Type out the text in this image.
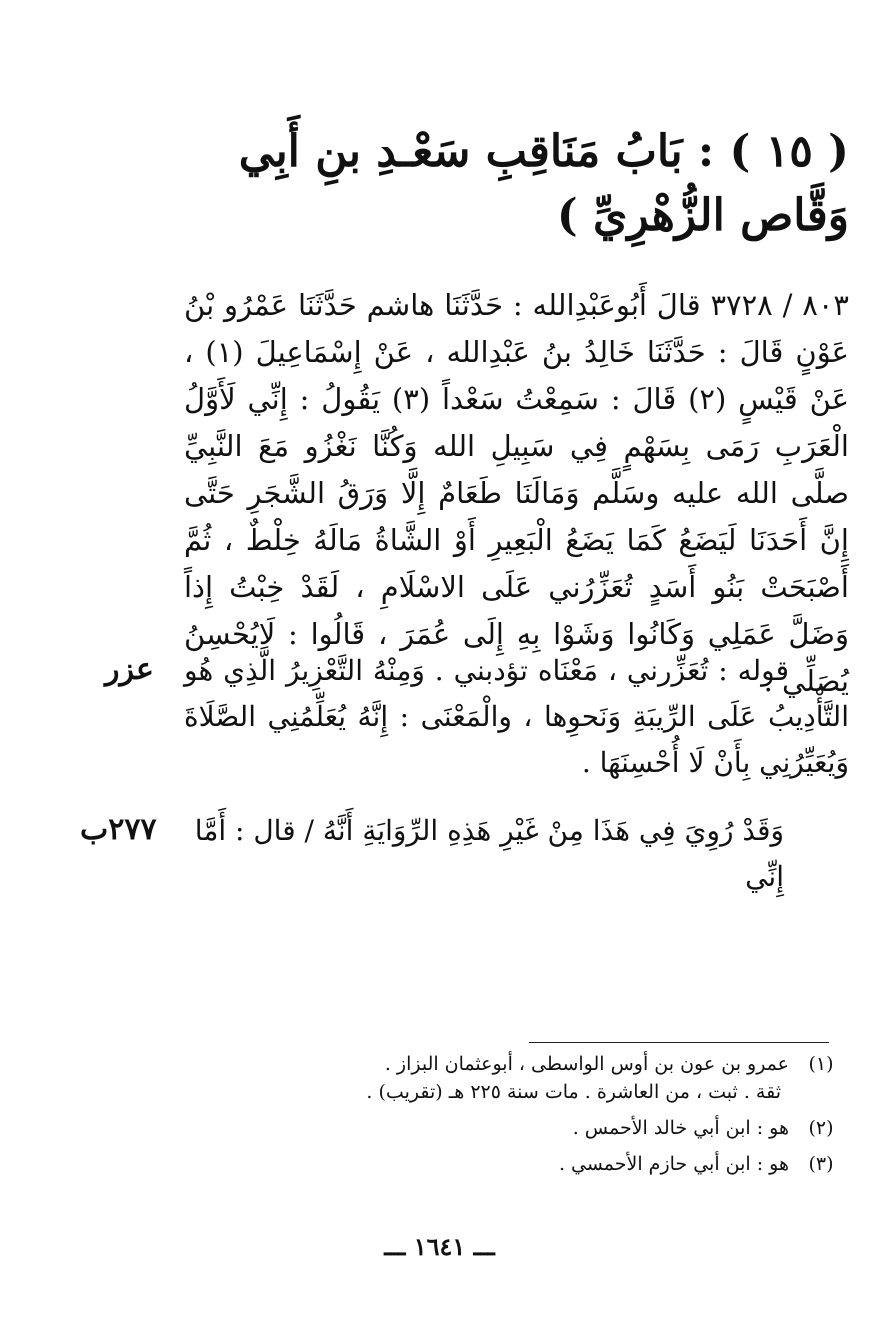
( ١٥ ) : بَابُ مَنَاقِبِ سَعْـدِ بنِ أَبِي وَقَّاص الزُّهْرِيِّ )
٨٠٣ / ٣٧٢٨ قالَ أَبُوعَبْدِالله : حَدَّثَنَا هاشم حَدَّثَنَا عَمْرُو بْنُ عَوْنٍ قَالَ : حَدَّثَنَا خَالِدُ بنُ عَبْدِالله ، عَنْ إِسْمَاعِيلَ (١) ، عَنْ قَيْسٍ (٢) قَالَ : سَمِعْتُ سَعْداً (٣) يَقُولُ : إِنِّي لَأَوَّلُ الْعَرَبِ رَمَى بِسَهْمٍ فِي سَبِيلِ الله وَكُنَّا نَغْزُو مَعَ النَّبِيِّ صلَّى الله عليه وسَلَّم وَمَالَنَا طَعَامٌ إِلَّا وَرَقُ الشَّجَرِ حَتَّى إِنَّ أَحَدَنَا لَيَضَعُ كَمَا يَضَعُ الْبَعِيرِ أَوْ الشَّاةُ مَالَهُ خِلْطٌ ، ثُمَّ أَصْبَحَتْ بَنُو أَسَدٍ تُعَزِّرُني عَلَى الاسْلَامِ ، لَقَدْ خِبْتُ إِذاً وَضَلَّ عَمَلِي وَكَانُوا وَشَوْا بِهِ إِلَى عُمَرَ ، قَالُوا : لَايُحْسِنُ يُصَلِّي .
قوله : تُعَزِّرني ، مَعْنَاه تؤدبني . وَمِنْهُ التَّعْزِيرُ الَّذِي هُو التَّأْدِيبُ عَلَى الرِّيبَةِ وَنَحوِها ، والْمَعْنَى : إِنَّهُ يُعَلِّمُنِي الصَّلَاةَ وَيُعَيِّرُنِي بِأَنْ لَا أُحْسِنَهَا .
عزر
وَقَدْ رُوِيَ فِي هَذَا مِنْ غَيْرِ هَذِهِ الرِّوَايَةِ أَنَّهُ / قال : أَمَّا إِنِّي
٢٧٧ب
(١)
عمرو بن عون بن أوس الواسطى ، أبوعثمان البزاز .
ثقة . ثبت ، من العاشرة . مات سنة ٢٢٥ هـ (تقريب) .
(٢)
هو : ابن أبي خالد الأحمس .
(٣)
هو : ابن أبي حازم الأحمسي .
ـــ ١٦٤١ ـــ
